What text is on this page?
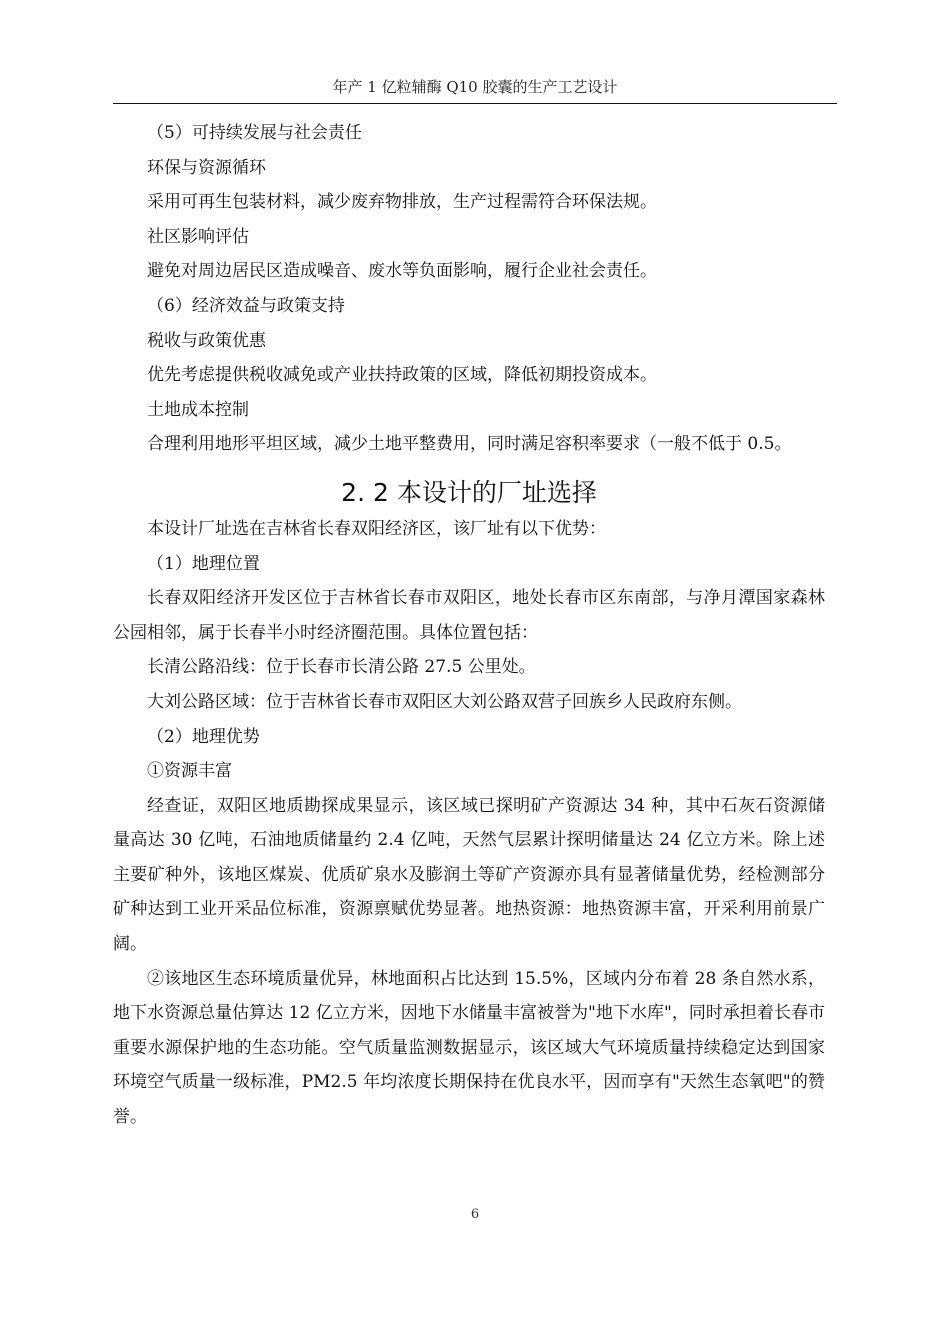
年产 1 亿粒辅酶 Q10 胶囊的生产工艺设计

（5）可持续发展与社会责任

环保与资源循环

采用可再生包装材料，减少废弃物排放，生产过程需符合环保法规。

社区影响评估

避免对周边居民区造成噪音、废水等负面影响，履行企业社会责任。

（6）经济效益与政策支持

税收与政策优惠

优先考虑提供税收减免或产业扶持政策的区域，降低初期投资成本。

土地成本控制

合理利用地形平坦区域，减少土地平整费用，同时满足容积率要求（一般不低于 0.5。

2. 2 本设计的厂址选择

本设计厂址选在吉林省长春双阳经济区，该厂址有以下优势：

（1）地理位置

长春双阳经济开发区位于吉林省长春市双阳区，地处长春市区东南部，与净月潭国家森林公园相邻，属于长春半小时经济圈范围。具体位置包括：

长清公路沿线：位于长春市长清公路 27.5 公里处。

大刘公路区域：位于吉林省长春市双阳区大刘公路双营子回族乡人民政府东侧。

（2）地理优势

①资源丰富

经查证，双阳区地质勘探成果显示，该区域已探明矿产资源达 34 种，其中石灰石资源储量高达 30 亿吨，石油地质储量约 2.4 亿吨，天然气层累计探明储量达 24 亿立方米。除上述主要矿种外，该地区煤炭、优质矿泉水及膨润土等矿产资源亦具有显著储量优势，经检测部分矿种达到工业开采品位标准，资源禀赋优势显著。地热资源：地热资源丰富，开采利用前景广阔。

②该地区生态环境质量优异，林地面积占比达到 15.5%，区域内分布着 28 条自然水系，地下水资源总量估算达 12 亿立方米，因地下水储量丰富被誉为"地下水库"，同时承担着长春市重要水源保护地的生态功能。空气质量监测数据显示，该区域大气环境质量持续稳定达到国家环境空气质量一级标准，PM2.5 年均浓度长期保持在优良水平，因而享有"天然生态氧吧"的赞誉。

6
